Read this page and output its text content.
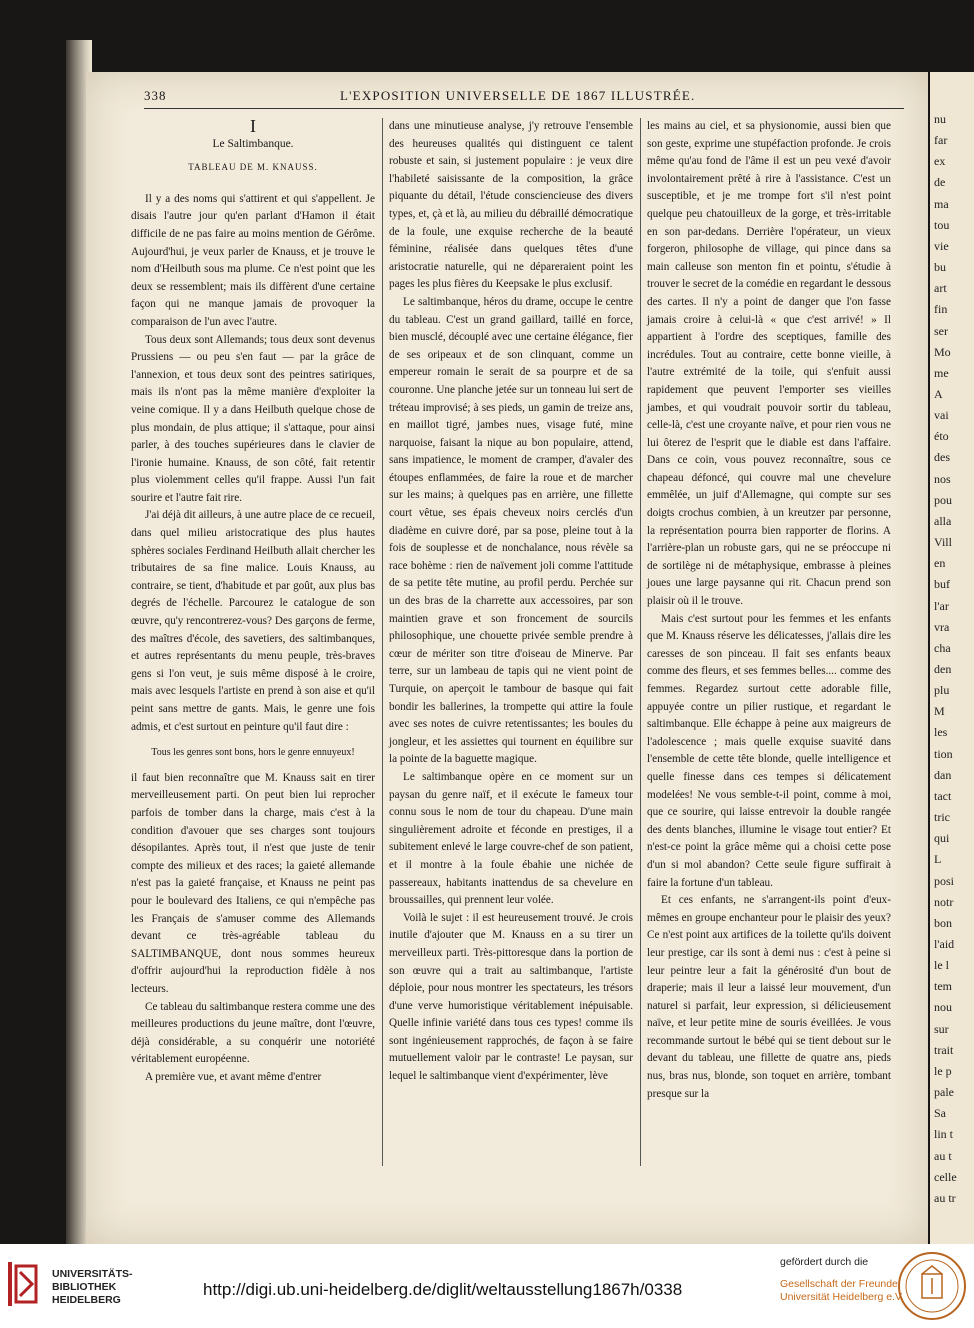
nu
far
ex
de
ma
tou
vie
bu
art
fin
ser
Mo
me
A
vai
éto
des
nos
pou
alla
Vill
en
buf
l'ar
vra
cha
den
plu
M
les
tion
dan
tact
tric
qui
L
posi
notr
bon
l'aid
le l
tem
nou
sur
trait
le p
pale
Sa
lin t
au t
celle
au tr
338	L'EXPOSITION UNIVERSELLE DE 1867 ILLUSTRÉE.

I

Le Saltimbanque.

TABLEAU DE M. KNAUSS.

Il y a des noms qui s'attirent et qui s'appellent. Je disais l'autre jour qu'en parlant d'Hamon il était difficile de ne pas faire au moins mention de Gérôme. Aujourd'hui, je veux parler de Knauss, et je trouve le nom d'Heilbuth sous ma plume. Ce n'est point que les deux se ressemblent; mais ils diffèrent d'une certaine façon qui ne manque jamais de provoquer la comparaison de l'un avec l'autre.

Tous deux sont Allemands; tous deux sont devenus Prussiens — ou peu s'en faut — par la grâce de l'annexion, et tous deux sont des peintres satiriques, mais ils n'ont pas la même manière d'exploiter la veine comique. Il y a dans Heilbuth quelque chose de plus mondain, de plus attique; il s'attaque, pour ainsi parler, à des touches supérieures dans le clavier de l'ironie humaine. Knauss, de son côté, fait retentir plus violemment celles qu'il frappe. Aussi l'un fait sourire et l'autre fait rire.

J'ai déjà dit ailleurs, à une autre place de ce recueil, dans quel milieu aristocratique des plus hautes sphères sociales Ferdinand Heilbuth allait chercher les tributaires de sa fine malice. Louis Knauss, au contraire, se tient, d'habitude et par goût, aux plus bas degrés de l'échelle. Parcourez le catalogue de son œuvre, qu'y rencontrerez-vous? Des garçons de ferme, des maîtres d'école, des savetiers, des saltimbanques, et autres représentants du menu peuple, très-braves gens si l'on veut, je suis même disposé à le croire, mais avec lesquels l'artiste en prend à son aise et qu'il peint sans mettre de gants. Mais, le genre une fois admis, et c'est surtout en peinture qu'il faut dire :

Tous les genres sont bons, hors le genre ennuyeux!

il faut bien reconnaître que M. Knauss sait en tirer merveilleusement parti. On peut bien lui reprocher parfois de tomber dans la charge, mais c'est à la condition d'avouer que ses charges sont toujours désopilantes. Après tout, il n'est que juste de tenir compte des milieux et des races; la gaieté allemande n'est pas la gaieté française, et Knauss ne peint pas pour le boulevard des Italiens, ce qui n'empêche pas les Français de s'amuser comme des Allemands devant ce très-agréable tableau du SALTIMBANQUE, dont nous sommes heureux d'offrir aujourd'hui la reproduction fidèle à nos lecteurs.

Ce tableau du saltimbanque restera comme une des meilleures productions du jeune maître, dont l'œuvre, déjà considérable, a su conquérir une notoriété véritablement européenne.

A première vue, et avant même d'entrer

dans une minutieuse analyse, j'y retrouve l'ensemble des heureuses qualités qui distinguent ce talent robuste et sain, si justement populaire : je veux dire l'habileté saisissante de la composition, la grâce piquante du détail, l'étude consciencieuse des divers types, et, çà et là, au milieu du débraillé démocratique de la foule, une exquise recherche de la beauté féminine, réalisée dans quelques têtes d'une aristocratie naturelle, qui ne dépareraient point les pages les plus fières du Keepsake le plus exclusif.

Le saltimbanque, héros du drame, occupe le centre du tableau. C'est un grand gaillard, taillé en force, bien musclé, découplé avec une certaine élégance, fier de ses oripeaux et de son clinquant, comme un empereur romain le serait de sa pourpre et de sa couronne. Une planche jetée sur un tonneau lui sert de tréteau improvisé; à ses pieds, un gamin de treize ans, en maillot tigré, jambes nues, visage futé, mine narquoise, faisant la nique au bon populaire, attend, sans impatience, le moment de cramper, d'avaler des étoupes enflammées, de faire la roue et de marcher sur les mains; à quelques pas en arrière, une fillette court vêtue, ses épais cheveux noirs cerclés d'un diadème en cuivre doré, par sa pose, pleine tout à la fois de souplesse et de nonchalance, nous révèle sa race bohème : rien de naïvement joli comme l'attitude de sa petite tête mutine, au profil perdu. Perchée sur un des bras de la charrette aux accessoires, par son maintien grave et son froncement de sourcils philosophique, une chouette privée semble prendre à cœur de mériter son titre d'oiseau de Minerve. Par terre, sur un lambeau de tapis qui ne vient point de Turquie, on aperçoit le tambour de basque qui fait bondir les ballerines, la trompette qui attire la foule avec ses notes de cuivre retentissantes; les boules du jongleur, et les assiettes qui tournent en équilibre sur la pointe de la baguette magique.

Le saltimbanque opère en ce moment sur un paysan du genre naïf, et il exécute le fameux tour connu sous le nom de tour du chapeau. D'une main singulièrement adroite et féconde en prestiges, il a subitement enlevé le large couvre-chef de son patient, et il montre à la foule ébahie une nichée de passereaux, habitants inattendus de sa chevelure en broussailles, qui prennent leur volée.

Voilà le sujet : il est heureusement trouvé. Je crois inutile d'ajouter que M. Knauss en a su tirer un merveilleux parti. Très-pittoresque dans la portion de son œuvre qui a trait au saltimbanque, l'artiste déploie, pour nous montrer les spectateurs, les trésors d'une verve humoristique véritablement inépuisable. Quelle infinie variété dans tous ces types! comme ils sont ingénieusement rapprochés, de façon à se faire mutuellement valoir par le contraste! Le paysan, sur lequel le saltimbanque vient d'expérimenter, lève

les mains au ciel, et sa physionomie, aussi bien que son geste, exprime une stupéfaction profonde. Je crois même qu'au fond de l'âme il est un peu vexé d'avoir involontairement prêté à rire à l'assistance. C'est un susceptible, et je me trompe fort s'il n'est point quelque peu chatouilleux de la gorge, et très-irritable en son par-dedans. Derrière l'opérateur, un vieux forgeron, philosophe de village, qui pince dans sa main calleuse son menton fin et pointu, s'étudie à trouver le secret de la comédie en regardant le dessous des cartes. Il n'y a point de danger que l'on fasse jamais croire à celui-là « que c'est arrivé! » Il appartient à l'ordre des sceptiques, famille des incrédules. Tout au contraire, cette bonne vieille, à l'autre extrémité de la toile, qui s'enfuit aussi rapidement que peuvent l'emporter ses vieilles jambes, et qui voudrait pouvoir sortir du tableau, celle-là, c'est une croyante naïve, et pour rien vous ne lui ôterez de l'esprit que le diable est dans l'affaire. Dans ce coin, vous pouvez reconnaître, sous ce chapeau défoncé, qui couvre mal une chevelure emmêlée, un juif d'Allemagne, qui compte sur ses doigts crochus combien, à un kreutzer par personne, la représentation pourra bien rapporter de florins. A l'arrière-plan un robuste gars, qui ne se préoccupe ni de sortilège ni de métaphysique, embrasse à pleines joues une large paysanne qui rit. Chacun prend son plaisir où il le trouve.

Mais c'est surtout pour les femmes et les enfants que M. Knauss réserve les délicatesses, j'allais dire les caresses de son pinceau. Il fait ses enfants beaux comme des fleurs, et ses femmes belles.... comme des femmes. Regardez surtout cette adorable fille, appuyée contre un pilier rustique, et regardant le saltimbanque. Elle échappe à peine aux maigreurs de l'adolescence ; mais quelle exquise suavité dans l'ensemble de cette tête blonde, quelle intelligence et quelle finesse dans ces tempes si délicatement modelées! Ne vous semble-t-il point, comme à moi, que ce sourire, qui laisse entrevoir la double rangée des dents blanches, illumine le visage tout entier? Et n'est-ce point la grâce même qui a choisi cette pose d'un si mol abandon? Cette seule figure suffirait à faire la fortune d'un tableau.

Et ces enfants, ne s'arrangent-ils point d'eux-mêmes en groupe enchanteur pour le plaisir des yeux? Ce n'est point aux artifices de la toilette qu'ils doivent leur prestige, car ils sont à demi nus : c'est à peine si leur peintre leur a fait la générosité d'un bout de draperie; mais il leur a laissé leur mouvement, d'un naturel si parfait, leur expression, si délicieusement naïve, et leur petite mine de souris éveillées. Je vous recommande surtout le bébé qui se tient debout sur le devant du tableau, une fillette de quatre ans, pieds nus, bras nus, blonde, son toquet en arrière, tombant presque sur la

UNIVERSITÄTS-
BIBLIOTHEK
HEIDELBERG
http://digi.ub.uni-heidelberg.de/diglit/weltausstellung1867h/0338
gefördert durch die
Gesellschaft der Freunde
Universität Heidelberg e.V.
